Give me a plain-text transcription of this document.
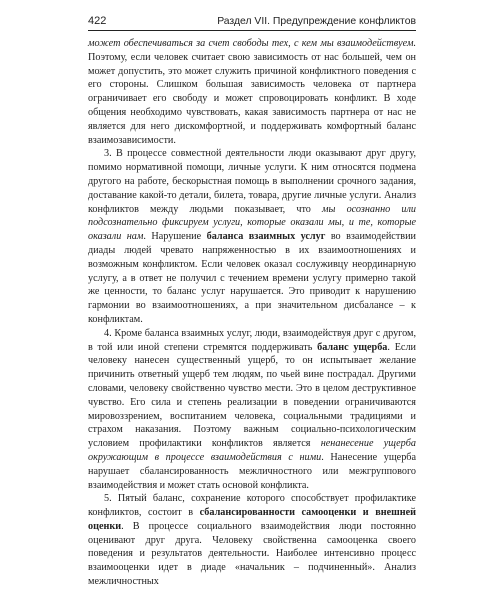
422	Раздел VII. Предупреждение конфликтов

может обеспечиваться за счет свободы тех, с кем мы взаимодействуем. Поэтому, если человек считает свою зависимость от нас большей, чем он может допустить, это может служить причиной конфликтного поведения с его стороны. Слишком большая зависимость человека от партнера ограничивает его свободу и может спровоцировать конфликт. В ходе общения необходимо чувствовать, какая зависимость партнера от нас не является для него дискомфортной, и поддерживать комфортный баланс взаимозависимости.

3. В процессе совместной деятельности люди оказывают друг другу, помимо нормативной помощи, личные услуги. К ним относятся подмена другого на работе, бескорыстная помощь в выполнении срочного задания, доставание какой-то детали, билета, товара, другие личные услуги. Анализ конфликтов между людьми показывает, что мы осознанно или подсознательно фиксируем услуги, которые оказали мы, и те, которые оказали нам. Нарушение баланса взаимных услуг во взаимодействии диады людей чревато напряженностью в их взаимоотношениях и возможным конфликтом. Если человек оказал сослуживцу неординарную услугу, а в ответ не получил с течением времени услугу примерно такой же ценности, то баланс услуг нарушается. Это приводит к нарушению гармонии во взаимоотношениях, а при значительном дисбалансе – к конфликтам.

4. Кроме баланса взаимных услуг, люди, взаимодействуя друг с другом, в той или иной степени стремятся поддерживать баланс ущерба. Если человеку нанесен существенный ущерб, то он испытывает желание причинить ответный ущерб тем людям, по чьей вине пострадал. Другими словами, человеку свойственно чувство мести. Это в целом деструктивное чувство. Его сила и степень реализации в поведении ограничиваются мировоззрением, воспитанием человека, социальными традициями и страхом наказания. Поэтому важным социально-психологическим условием профилактики конфликтов является ненанесение ущерба окружающим в процессе взаимодействия с ними. Нанесение ущерба нарушает сбалансированность межличностного или межгруппового взаимодействия и может стать основой конфликта.

5. Пятый баланс, сохранение которого способствует профилактике конфликтов, состоит в сбалансированности самооценки и внешней оценки. В процессе социального взаимодействия люди постоянно оценивают друг друга. Человеку свойственна самооценка своего поведения и результатов деятельности. Наиболее интенсивно процесс взаимооценки идет в диаде «начальник – подчиненный». Анализ межличностных
